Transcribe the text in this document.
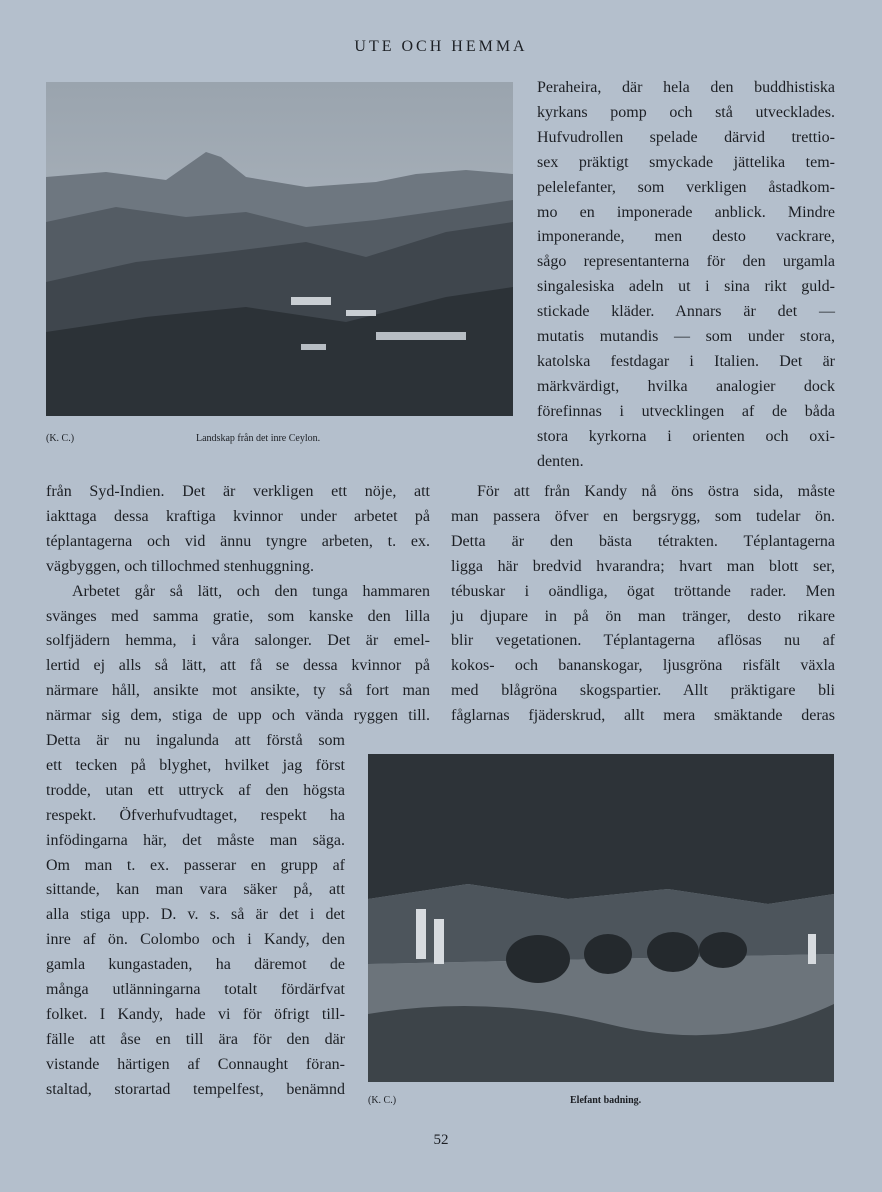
UTE OCH HEMMA
(K. C.)	Landskap från det inre Ceylon.
Peraheira, där hela den buddhistiska
kyrkans pomp och stå utvecklades.
Hufvudrollen spelade därvid trettio-
sex präktigt smyckade jättelika tem-
pelelefanter, som verkligen åstadkom-
mo en imponerade anblick. Mindre
imponerande, men desto vackrare,
sågo representanterna för den urgamla
singalesiska adeln ut i sina rikt guld-
stickade kläder. Annars är det —
mutatis mutandis — som under stora,
katolska festdagar i Italien. Det är
märkvärdigt, hvilka analogier dock
förefinnas i utvecklingen af de båda
stora kyrkorna i orienten och oxi-
denten.
från Syd-Indien. Det är verkligen ett nöje, att
iakttaga dessa kraftiga kvinnor under arbetet på
téplantagerna och vid ännu tyngre arbeten, t. ex.
vägbyggen, och tillochmed stenhuggning.
Arbetet går så lätt, och den tunga hammaren
svänges med samma gratie, som kanske den lilla
solfjädern hemma, i våra salonger. Det är emel-
lertid ej alls så lätt, att få se dessa kvinnor på
närmare håll, ansikte mot ansikte, ty så fort man
närmar sig dem, stiga de upp och vända ryggen till.
För att från Kandy nå öns östra sida, måste
man passera öfver en bergsrygg, som tudelar ön.
Detta är den bästa tétrakten. Téplantagerna
ligga här bredvid hvarandra; hvart man blott ser,
tébuskar i oändliga, ögat tröttande rader. Men
ju djupare in på ön man tränger, desto rikare
blir vegetationen. Téplantagerna aflösas nu af
kokos- och bananskogar, ljusgröna risfält växla
med blågröna skogspartier. Allt präktigare bli
fåglarnas fjäderskrud, allt mera smäktande deras
Detta är nu ingalunda att förstå som
ett tecken på blyghet, hvilket jag först
trodde, utan ett uttryck af den högsta
respekt. Öfverhufvudtaget, respekt ha
infödingarna här, det måste man säga.
Om man t. ex. passerar en grupp af
sittande, kan man vara säker på, att
alla stiga upp. D. v. s. så är det i det
inre af ön. Colombo och i Kandy, den
gamla kungastaden, ha däremot de
många utlänningarna totalt fördärfvat
folket. I Kandy, hade vi för öfrigt till-
fälle att åse en till ära för den där
vistande härtigen af Connaught föran-
staltad, storartad tempelfest, benämnd
(K. C.)	Elefant badning.
52
